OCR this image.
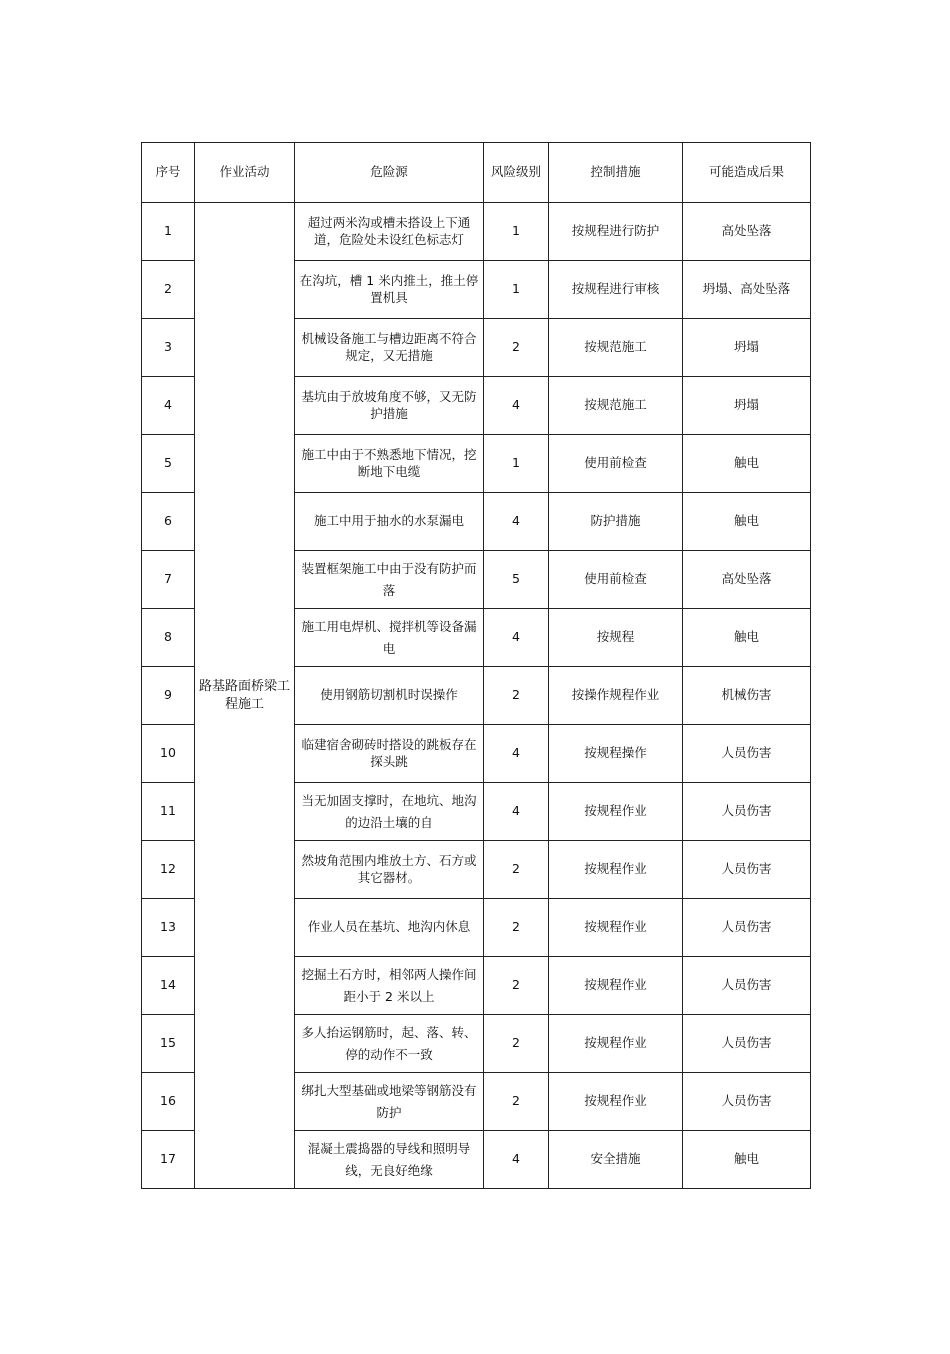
序号	作业活动	危险源	风险级别	控制措施	可能造成后果
1	路基路面桥梁工程施工	超过两米沟或槽未搭设上下通道，危险处未设红色标志灯	1	按规程进行防护	高处坠落
2		在沟坑，槽 1 米内推土，推土停置机具	1	按规程进行审核	坍塌、高处坠落
3		机械设备施工与槽边距离不符合规定，又无措施	2	按规范施工	坍塌
4		基坑由于放坡角度不够，又无防护措施	4	按规范施工	坍塌
5		施工中由于不熟悉地下情况，挖断地下电缆	1	使用前检查	触电
6		施工中用于抽水的水泵漏电	4	防护措施	触电
7		装置框架施工中由于没有防护而落	5	使用前检查	高处坠落
8		施工用电焊机、搅拌机等设备漏电	4	按规程	触电
9		使用钢筋切割机时误操作	2	按操作规程作业	机械伤害
10		临建宿舍砌砖时搭设的跳板存在探头跳	4	按规程操作	人员伤害
11		当无加固支撑时，在地坑、地沟的边沿土壤的自	4	按规程作业	人员伤害
12		然坡角范围内堆放土方、石方或其它器材。	2	按规程作业	人员伤害
13		作业人员在基坑、地沟内休息	2	按规程作业	人员伤害
14		挖掘土石方时，相邻两人操作间距小于 2 米以上	2	按规程作业	人员伤害
15		多人抬运钢筋时，起、落、转、停的动作不一致	2	按规程作业	人员伤害
16		绑扎大型基础或地梁等钢筋没有防护	2	按规程作业	人员伤害
17		混凝土震捣器的导线和照明导线，无良好绝缘	4	安全措施	触电
